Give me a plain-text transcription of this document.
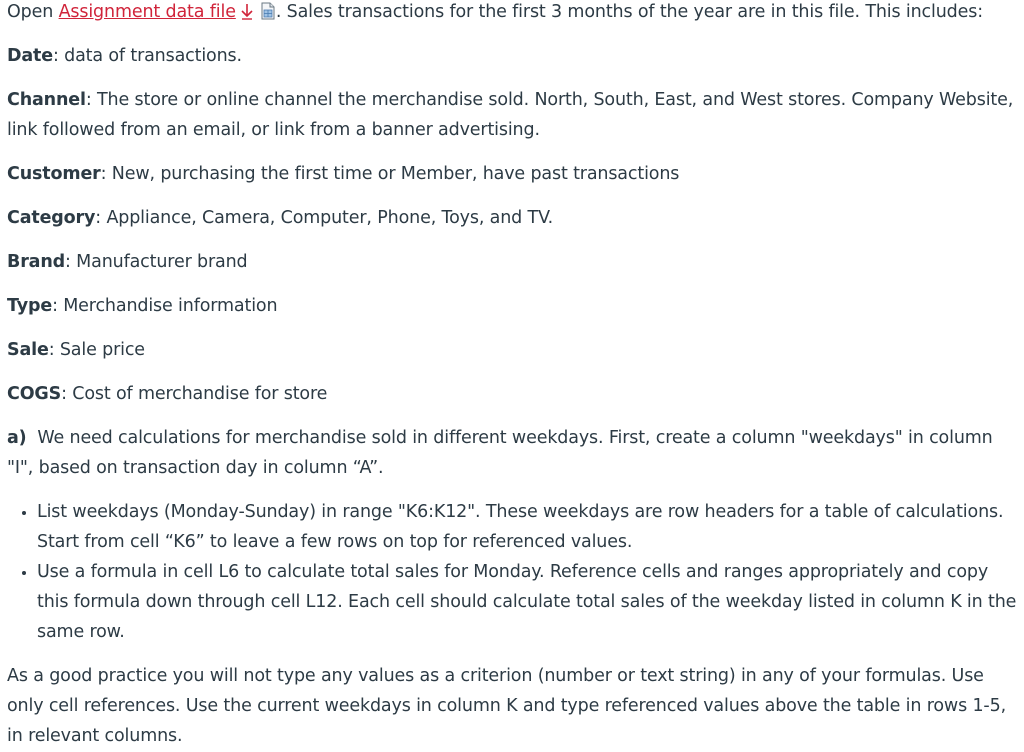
Open Assignment data file . Sales transactions for the first 3 months of the year are in this file. This includes:

Date: data of transactions.

Channel: The store or online channel the merchandise sold. North, South, East, and West stores. Company Website, link followed from an email, or link from a banner advertising.

Customer: New, purchasing the first time or Member, have past transactions

Category: Appliance, Camera, Computer, Phone, Toys, and TV.

Brand: Manufacturer brand

Type: Merchandise information

Sale: Sale price

COGS: Cost of merchandise for store

a)  We need calculations for merchandise sold in different weekdays. First, create a column "weekdays" in column "I", based on transaction day in column “A”.

• List weekdays (Monday-Sunday) in range "K6:K12". These weekdays are row headers for a table of calculations. Start from cell “K6” to leave a few rows on top for referenced values.
• Use a formula in cell L6 to calculate total sales for Monday. Reference cells and ranges appropriately and copy this formula down through cell L12. Each cell should calculate total sales of the weekday listed in column K in the same row.

As a good practice you will not type any values as a criterion (number or text string) in any of your formulas. Use only cell references. Use the current weekdays in column K and type referenced values above the table in rows 1-5, in relevant columns.
